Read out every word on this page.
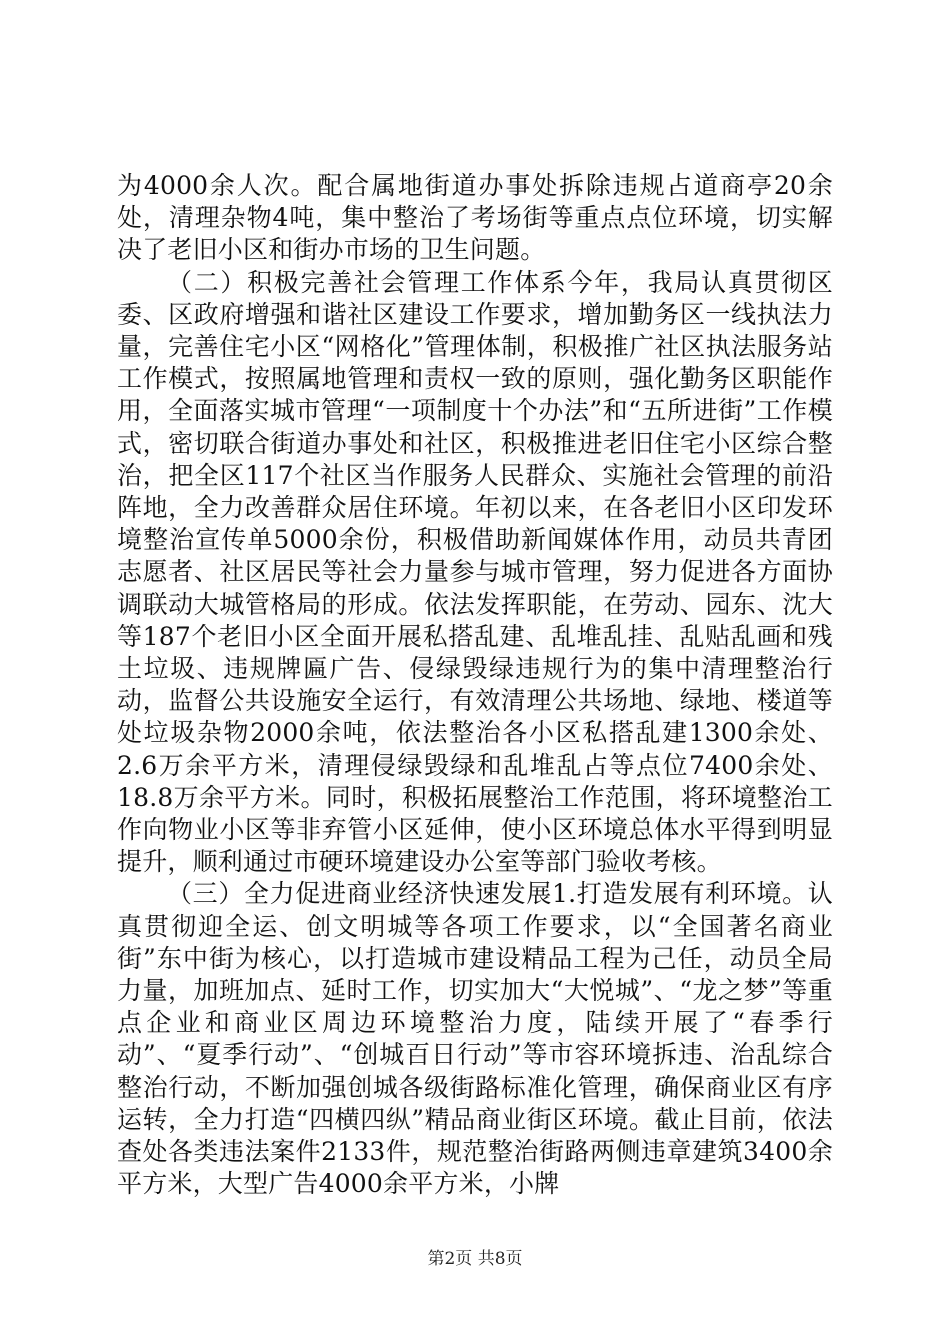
为4000余人次。配合属地街道办事处拆除违规占道商亭20余处，清理杂物4吨，集中整治了考场街等重点点位环境，切实解决了老旧小区和街办市场的卫生问题。

（二）积极完善社会管理工作体系今年，我局认真贯彻区委、区政府增强和谐社区建设工作要求，增加勤务区一线执法力量，完善住宅小区“网格化”管理体制，积极推广社区执法服务站工作模式，按照属地管理和责权一致的原则，强化勤务区职能作用，全面落实城市管理“一项制度十个办法”和“五所进街”工作模式，密切联合街道办事处和社区，积极推进老旧住宅小区综合整治，把全区117个社区当作服务人民群众、实施社会管理的前沿阵地，全力改善群众居住环境。年初以来，在各老旧小区印发环境整治宣传单5000余份，积极借助新闻媒体作用，动员共青团志愿者、社区居民等社会力量参与城市管理，努力促进各方面协调联动大城管格局的形成。依法发挥职能，在劳动、园东、沈大等187个老旧小区全面开展私搭乱建、乱堆乱挂、乱贴乱画和残土垃圾、违规牌匾广告、侵绿毁绿违规行为的集中清理整治行动，监督公共设施安全运行，有效清理公共场地、绿地、楼道等处垃圾杂物2000余吨，依法整治各小区私搭乱建1300余处、2.6万余平方米，清理侵绿毁绿和乱堆乱占等点位7400余处、18.8万余平方米。同时，积极拓展整治工作范围，将环境整治工作向物业小区等非弃管小区延伸，使小区环境总体水平得到明显提升，顺利通过市硬环境建设办公室等部门验收考核。

（三）全力促进商业经济快速发展1.打造发展有利环境。认真贯彻迎全运、创文明城等各项工作要求，以“全国著名商业街”东中街为核心，以打造城市建设精品工程为己任，动员全局力量，加班加点、延时工作，切实加大“大悦城”、“龙之梦”等重点企业和商业区周边环境整治力度，陆续开展了“春季行动”、“夏季行动”、“创城百日行动”等市容环境拆违、治乱综合整治行动，不断加强创城各级街路标准化管理，确保商业区有序运转，全力打造“四横四纵”精品商业街区环境。截止目前，依法查处各类违法案件2133件，规范整治街路两侧违章建筑3400余平方米，大型广告4000余平方米，小牌

第2页 共8页
